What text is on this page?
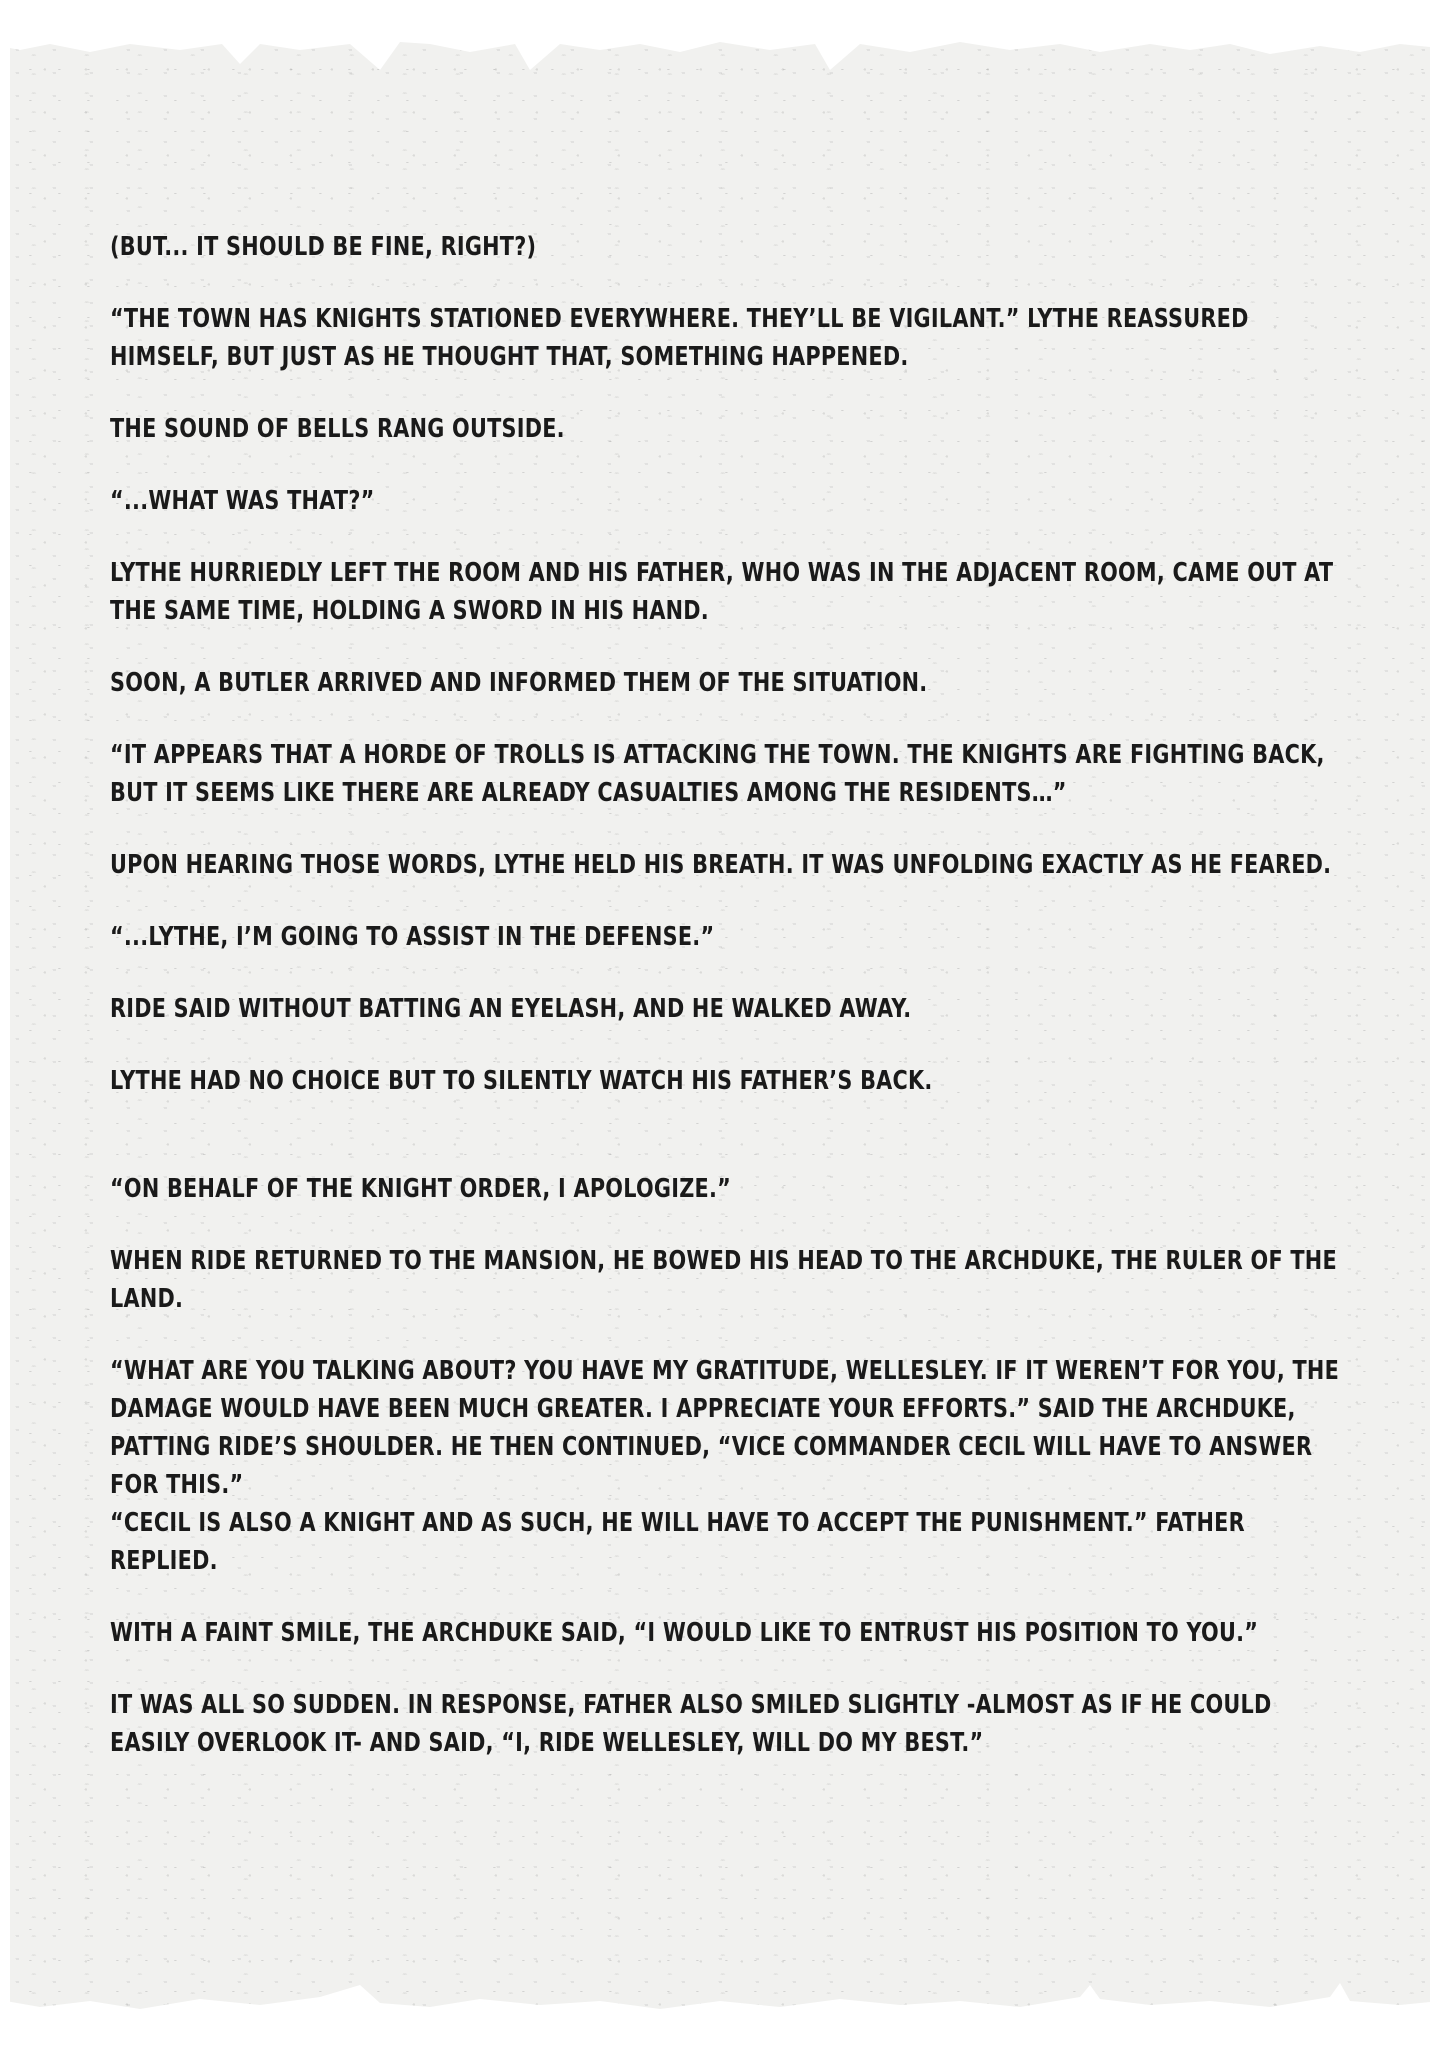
(BUT... IT SHOULD BE FINE, RIGHT?)

“THE TOWN HAS KNIGHTS STATIONED EVERYWHERE. THEY’LL BE VIGILANT.” LYTHE REASSURED HIMSELF, BUT JUST AS HE THOUGHT THAT, SOMETHING HAPPENED.

THE SOUND OF BELLS RANG OUTSIDE.

“...WHAT WAS THAT?”

LYTHE HURRIEDLY LEFT THE ROOM AND HIS FATHER, WHO WAS IN THE ADJACENT ROOM, CAME OUT AT THE SAME TIME, HOLDING A SWORD IN HIS HAND.

SOON, A BUTLER ARRIVED AND INFORMED THEM OF THE SITUATION.

“IT APPEARS THAT A HORDE OF TROLLS IS ATTACKING THE TOWN. THE KNIGHTS ARE FIGHTING BACK, BUT IT SEEMS LIKE THERE ARE ALREADY CASUALTIES AMONG THE RESIDENTS…”

UPON HEARING THOSE WORDS, LYTHE HELD HIS BREATH. IT WAS UNFOLDING EXACTLY AS HE FEARED.

“...LYTHE, I’M GOING TO ASSIST IN THE DEFENSE.”

RIDE SAID WITHOUT BATTING AN EYELASH, AND HE WALKED AWAY.

LYTHE HAD NO CHOICE BUT TO SILENTLY WATCH HIS FATHER’S BACK.

“ON BEHALF OF THE KNIGHT ORDER, I APOLOGIZE.”

WHEN RIDE RETURNED TO THE MANSION, HE BOWED HIS HEAD TO THE ARCHDUKE, THE RULER OF THE LAND.

“WHAT ARE YOU TALKING ABOUT? YOU HAVE MY GRATITUDE, WELLESLEY. IF IT WEREN’T FOR YOU, THE DAMAGE WOULD HAVE BEEN MUCH GREATER. I APPRECIATE YOUR EFFORTS.” SAID THE ARCHDUKE, PATTING RIDE’S SHOULDER. HE THEN CONTINUED, “VICE COMMANDER CECIL WILL HAVE TO ANSWER FOR THIS.”

“CECIL IS ALSO A KNIGHT AND AS SUCH, HE WILL HAVE TO ACCEPT THE PUNISHMENT.” FATHER REPLIED.

WITH A FAINT SMILE, THE ARCHDUKE SAID, “I WOULD LIKE TO ENTRUST HIS POSITION TO YOU.”

IT WAS ALL SO SUDDEN. IN RESPONSE, FATHER ALSO SMILED SLIGHTLY -ALMOST AS IF HE COULD EASILY OVERLOOK IT- AND SAID, “I, RIDE WELLESLEY, WILL DO MY BEST.”
